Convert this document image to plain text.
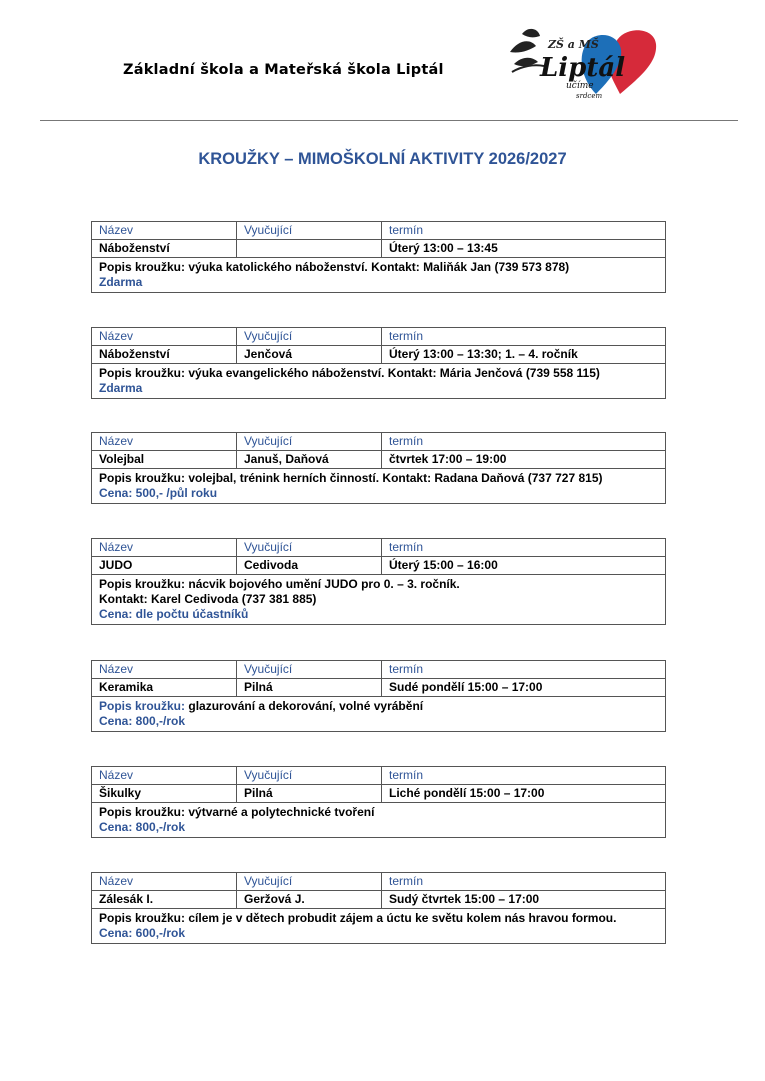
Základní škola a Mateřská škola Liptál
ZŠ a MŠ
Liptál
učíme
srdcem
KROUŽKY – MIMOŠKOLNÍ AKTIVITY 2026/2027
Název	Vyučující	termín
Náboženství		Úterý 13:00 – 13:45

Popis kroužku: výuka katolického náboženství. Kontakt: Maliňák Jan (739 573 878)
Zdarma		
Název	Vyučující	termín
Náboženství	Jenčová	Úterý 13:00 – 13:30; 1. – 4. ročník

Popis kroužku: výuka evangelického náboženství. Kontakt: Mária Jenčová (739 558 115)
Zdarma		
Název	Vyučující	termín
Volejbal	Januš, Daňová	čtvrtek 17:00 – 19:00

Popis kroužku: volejbal, trénink herních činností. Kontakt: Radana Daňová (737 727 815)
Cena: 500,- /půl roku		
Název	Vyučující	termín
JUDO	Cedivoda	Úterý 15:00 – 16:00

Popis kroužku: nácvik bojového umění JUDO pro 0. – 3. ročník.
Kontakt: Karel Cedivoda (737 381 885)
Cena: dle počtu účastníků		
Název	Vyučující	termín
Keramika	Pilná	Sudé pondělí 15:00 – 17:00

Popis kroužku: glazurování a dekorování, volné vyrábění
Cena: 800,-/rok		
Název	Vyučující	termín
Šikulky	Pilná	Liché pondělí 15:00 – 17:00

Popis kroužku: výtvarné a polytechnické tvoření
Cena: 800,-/rok		
Název	Vyučující	termín
Zálesák I.	Geržová J.	Sudý čtvrtek 15:00 – 17:00

Popis kroužku: cílem je v dětech probudit zájem a úctu ke světu kolem nás hravou formou.
Cena: 600,-/rok		
